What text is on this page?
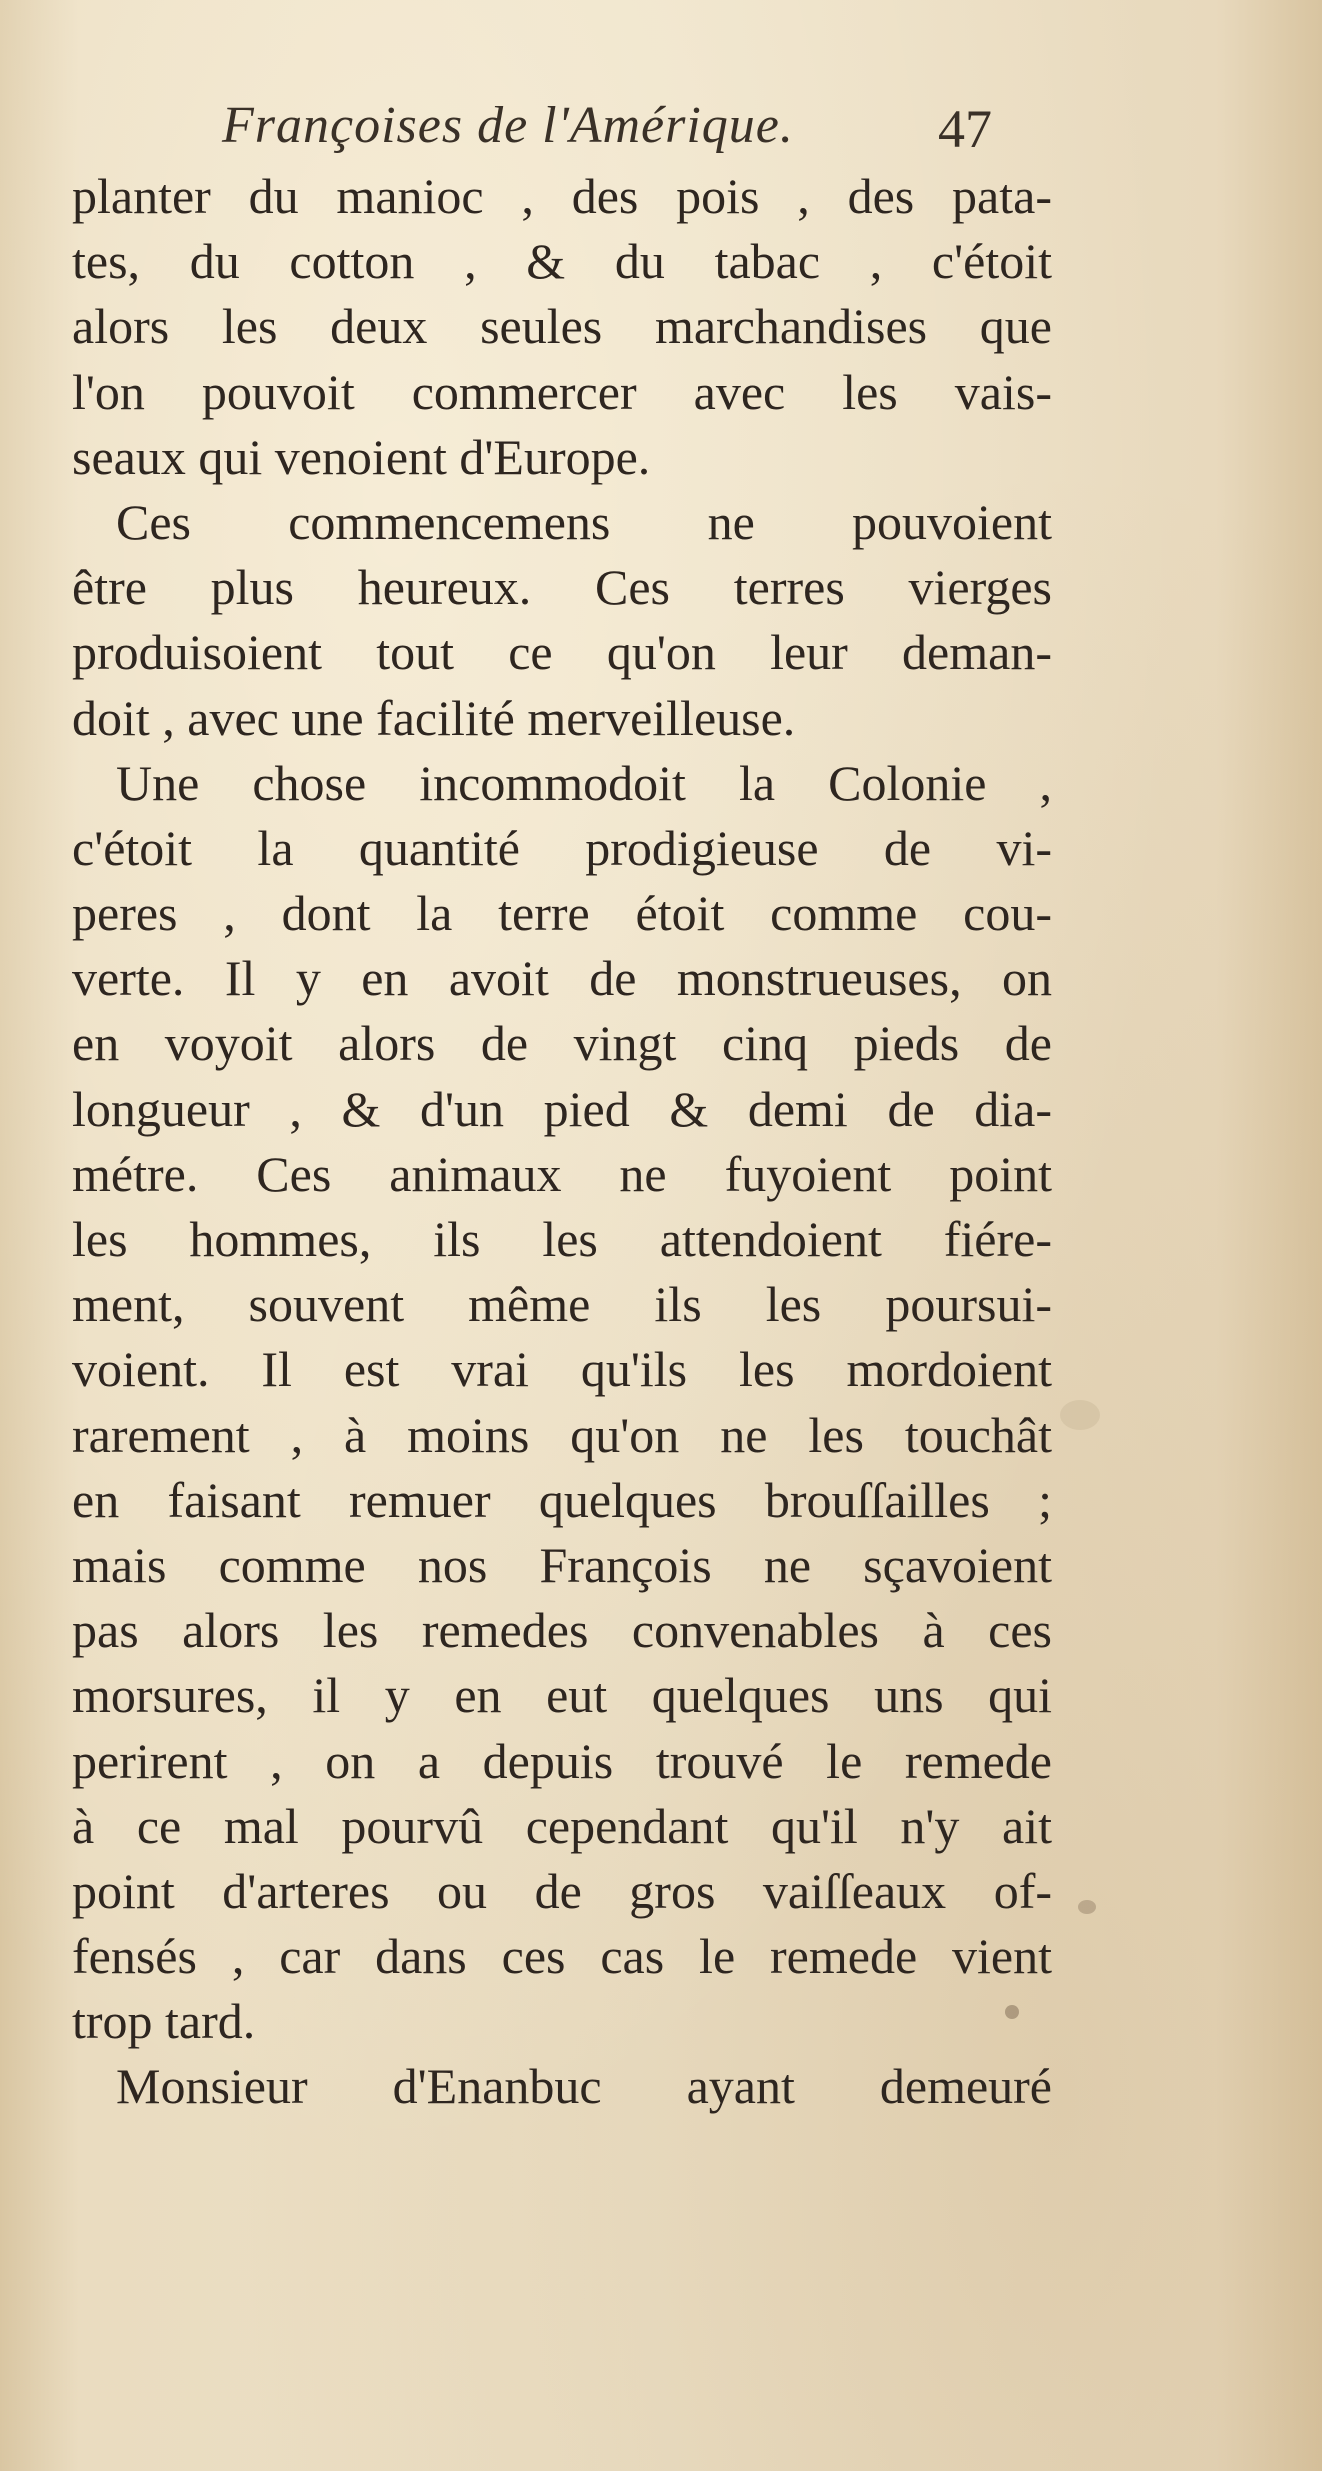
Françoises de l'Amérique.	47
planter du manioc , des pois , des pata-
tes, du cotton , & du tabac , c'étoit
alors les deux seules marchandises que
l'on pouvoit commercer avec les vais-
seaux qui venoient d'Europe.
Ces commencemens ne pouvoient
être plus heureux. Ces terres vierges
produisoient tout ce qu'on leur deman-
doit , avec une facilité merveilleuse.
Une chose incommodoit la Colonie ,
c'étoit la quantité prodigieuse de vi-
peres , dont la terre étoit comme cou-
verte. Il y en avoit de monstrueuses, on
en voyoit alors de vingt cinq pieds de
longueur , & d'un pied & demi de dia-
métre. Ces animaux ne fuyoient point
les hommes, ils les attendoient fiére-
ment, souvent même ils les poursui-
voient. Il est vrai qu'ils les mordoient
rarement , à moins qu'on ne les touchât
en faisant remuer quelques brouſſailles ;
mais comme nos François ne sçavoient
pas alors les remedes convenables à ces
morsures, il y en eut quelques uns qui
perirent , on a depuis trouvé le remede
à ce mal pourvû cependant qu'il n'y ait
point d'arteres ou de gros vaiſſeaux of-
fensés , car dans ces cas le remede vient
trop tard.
Monsieur d'Enanbuc ayant demeuré
